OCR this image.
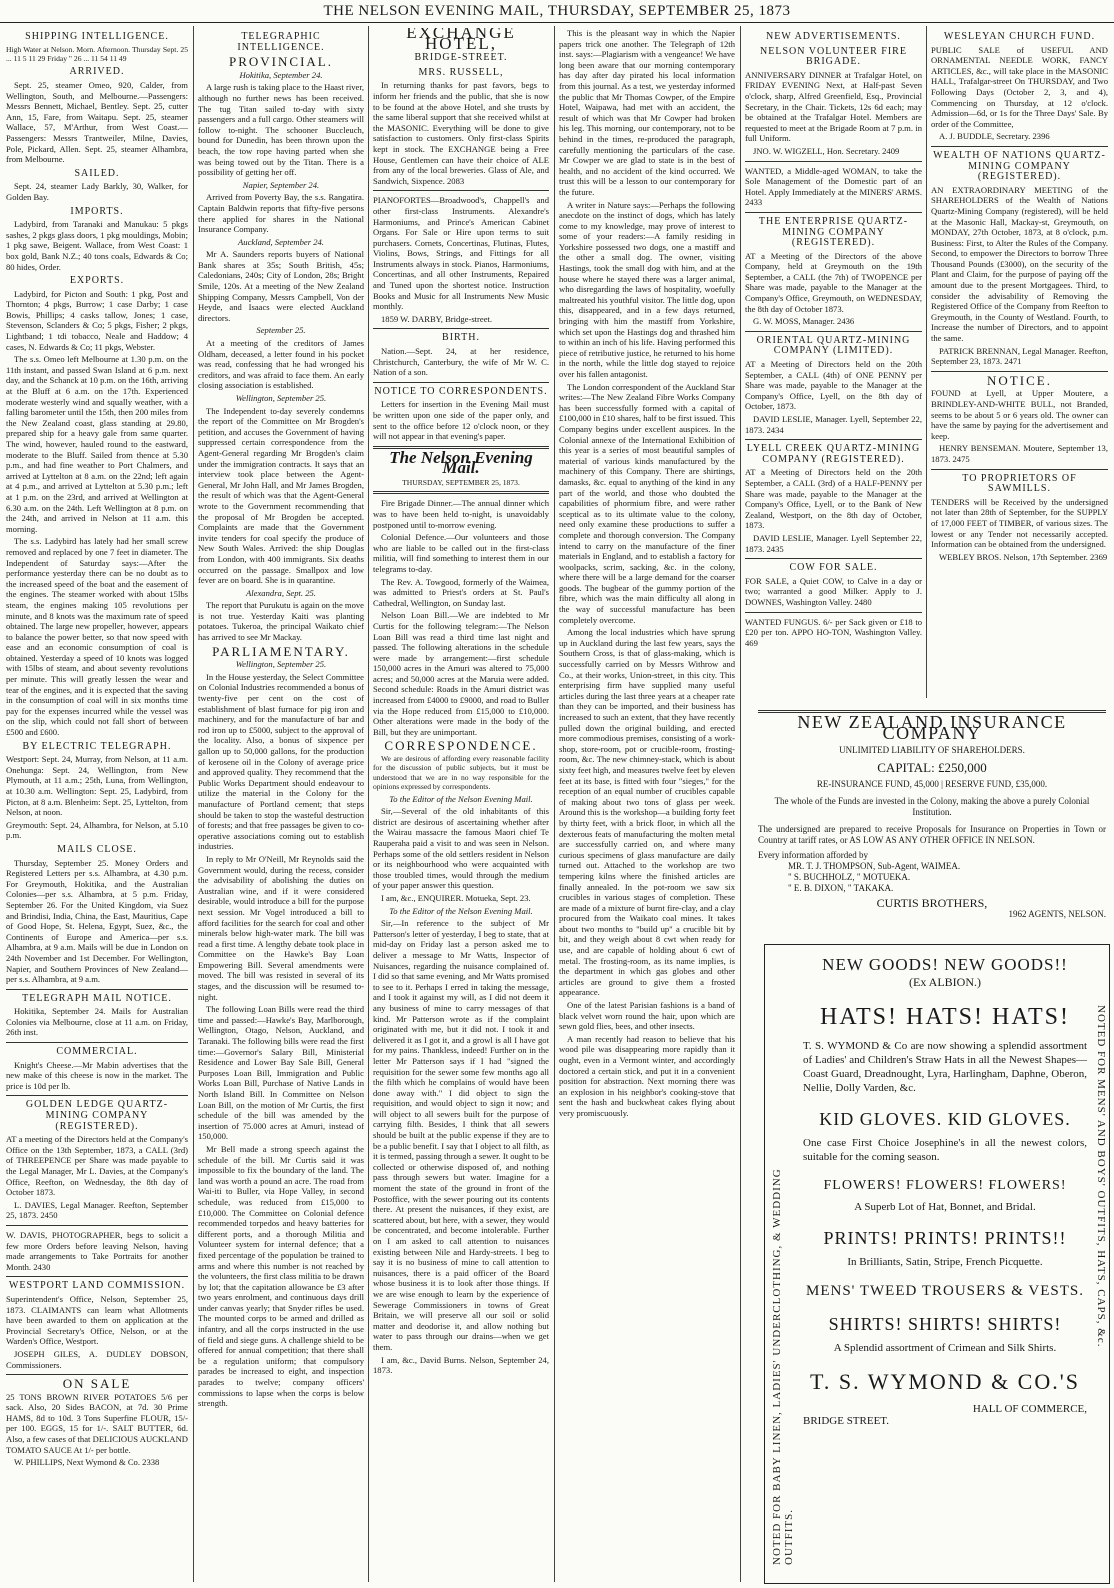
THE NELSON EVENING MAIL, THURSDAY, SEPTEMBER 25, 1873
SHIPPING INTELLIGENCE.

High Water at Nelson. Morn. Afternoon. Thursday Sept. 25 ... 11 5 11 29 Friday " 26 ... 11 54 11 49

ARRIVED.

Sept. 25, steamer Omeo, 920, Calder, from Wellington, South, and Melbourne.—Passengers: Messrs Bennett, Michael, Bentley. Sept. 25, cutter Ann, 15, Fare, from Waitapu. Sept. 25, steamer Wallace, 57, M'Arthur, from West Coast.—Passengers: Messrs Trantweiler, Milne, Davies, Pole, Pickard, Allen. Sept. 25, steamer Alhambra, from Melbourne.

SAILED.

Sept. 24, steamer Lady Barkly, 30, Walker, for Golden Bay.

IMPORTS.

Ladybird, from Taranaki and Manukau: 5 pkgs sashes, 2 pkgs glass doors, 1 pkg mouldings, Mobin; 1 pkg sawe, Beigent. Wallace, from West Coast: 1 box gold, Bank N.Z.; 40 tons coals, Edwards & Co; 80 hides, Order.

EXPORTS.

Ladybird, for Picton and South: 1 pkg, Post and Thornton; 4 pkgs, Burrow; 1 case Darby; 1 case Bowis, Phillips; 4 casks tallow, Jones; 1 case, Stevenson, Sclanders & Co; 5 pkgs, Fisher; 2 pkgs, Lightband; 1 tdi tobacco, Neale and Haddow; 4 cases, N. Edwards & Co; 11 pkgs, Webster.

The s.s. Omeo left Melbourne at 1.30 p.m. on the 11th instant, and passed Swan Island at 6 p.m. next day, and the Schanck at 10 p.m. on the 16th, arriving at the Bluff at 6 a.m. on the 17th. Experienced moderate westerly wind and squally weather, with a falling barometer until the 15th, then 200 miles from the New Zealand coast, glass standing at 29.80, prepared ship for a heavy gale from same quarter. The wind, however, hauled round to the eastward, moderate to the Bluff. Sailed from thence at 5.30 p.m., and had fine weather to Port Chalmers, and arrived at Lyttelton at 8 a.m. on the 22nd; left again at 4 p.m., and arrived at Lyttelton at 5.30 p.m.; left at 1 p.m. on the 23rd, and arrived at Wellington at 6.30 a.m. on the 24th. Left Wellington at 8 p.m. on the 24th, and arrived in Nelson at 11 a.m. this morning.

The s.s. Ladybird has lately had her small screw removed and replaced by one 7 feet in diameter. The Independent of Saturday says:—After the performance yesterday there can be no doubt as to the increased speed of the boat and the easement of the engines. The steamer worked with about 15lbs steam, the engines making 105 revolutions per minute, and 8 knots was the maximum rate of speed obtained. The large new propeller, however, appears to balance the power better, so that now speed with ease and an economic consumption of coal is obtained. Yesterday a speed of 10 knots was logged with 15lbs of steam, and about seventy revolutions per minute. This will greatly lessen the wear and tear of the engines, and it is expected that the saving in the consumption of coal will in six months time pay for the expenses incurred while the vessel was on the slip, which could not fall short of between £500 and £600.

BY ELECTRIC TELEGRAPH.

Westport: Sept. 24, Murray, from Nelson, at 11 a.m. Onehunga: Sept. 24, Wellington, from New Plymouth, at 11 a.m.; 25th, Luna, from Wellington, at 10.30 a.m. Wellington: Sept. 25, Ladybird, from Picton, at 8 a.m. Blenheim: Sept. 25, Lyttelton, from Nelson, at noon.

Greymouth: Sept. 24, Alhambra, for Nelson, at 5.10 p.m.

MAILS CLOSE.

Thursday, September 25. Money Orders and Registered Letters per s.s. Alhambra, at 4.30 p.m. For Greymouth, Hokitika, and the Australian Colonies—per s.s. Alhambra, at 5 p.m. Friday, September 26. For the United Kingdom, via Suez and Brindisi, India, China, the East, Mauritius, Cape of Good Hope, St. Helena, Egypt, Suez, &c., the Continents of Europe and America—per s.s. Alhambra, at 9 a.m. Mails will be due in London on 24th November and 1st December. For Wellington, Napier, and Southern Provinces of New Zealand—per s.s. Alhambra, at 9 a.m.

TELEGRAPH MAIL NOTICE.

Hokitika, September 24. Mails for Australian Colonies via Melbourne, close at 11 a.m. on Friday, 26th inst.

COMMERCIAL.

Knight's Cheese.—Mr Mabin advertises that the new make of this cheese is now in the market. The price is 10d per lb.

GOLDEN LEDGE QUARTZ-MINING COMPANY (REGISTERED).

AT a meeting of the Directors held at the Company's Office on the 13th September, 1873, a CALL (3rd) of THREEPENCE per Share was made payable to the Legal Manager, Mr L. Davies, at the Company's Office, Reefton, on Wednesday, the 8th day of October 1873.

L. DAVIES, Legal Manager. Reefton, September 25, 1873. 2450

W. DAVIS, PHOTOGRAPHER, begs to solicit a few more Orders before leaving Nelson, having made arrangements to Take Portraits for another Month. 2430

WESTPORT LAND COMMISSION.

Superintendent's Office, Nelson, September 25, 1873. CLAIMANTS can learn what Allotments have been awarded to them on application at the Provincial Secretary's Office, Nelson, or at the Warden's Office, Westport.

JOSEPH GILES, A. DUDLEY DOBSON, Commissioners.

ON SALE

25 TONS BROWN RIVER POTATOES 5/6 per sack. Also, 20 Sides BACON, at 7d. 30 Prime HAMS, 8d to 10d. 3 Tons Superfine FLOUR, 15/- per 100. EGGS, 15 for 1/-. SALT BUTTER, 6d. Also, a few cases of that DELICIOUS AUCKLAND TOMATO SAUCE At 1/- per bottle.

W. PHILLIPS, Next Wymond & Co. 2338

TELEGRAPHIC INTELLIGENCE.
PROVINCIAL.
Hokitika, September 24.

A large rush is taking place to the Haast river, although no further news has been received. The tug Titan sailed to-day with sixty passengers and a full cargo. Other steamers will follow to-night. The schooner Buccleuch, bound for Dunedin, has been thrown upon the beach, the tow rope having parted when she was being towed out by the Titan. There is a possibility of getting her off.

Napier, September 24.

Arrived from Poverty Bay, the s.s. Rangatira. Captain Baldwin reports that fifty-five persons there applied for shares in the National Insurance Company.

Auckland, September 24.

Mr A. Saunders reports buyers of National Bank shares at 35s; South British, 45s; Caledonians, 240s; City of London, 28s; Bright Smile, 120s. At a meeting of the New Zealand Shipping Company, Messrs Campbell, Von der Heyde, and Isaacs were elected Auckland directors.

September 25.

At a meeting of the creditors of James Oldham, deceased, a letter found in his pocket was read, confessing that he had wronged his creditors, and was afraid to face them. An early closing association is established.

Wellington, September 25.

The Independent to-day severely condemns the report of the Committee on Mr Brogden's petition, and accuses the Government of having suppressed certain correspondence from the Agent-General regarding Mr Brogden's claim under the immigration contracts. It says that an interview took place between the Agent-General, Mr John Hall, and Mr James Brogden, the result of which was that the Agent-General wrote to the Government recommending that the proposal of Mr Brogden be accepted. Complaints are made that the Government invite tenders for coal specify the produce of New South Wales. Arrived: the ship Douglas from London, with 400 immigrants. Six deaths occurred on the passage. Smallpox and low fever are on board. She is in quarantine.

Alexandra, Sept. 25.

The report that Purukutu is again on the move is not true. Yesterday Kaiti was planting potatoes. Tukeroa, the principal Waikato chief has arrived to see Mr Mackay.

PARLIAMENTARY.
Wellington, September 25.

In the House yesterday, the Select Committee on Colonial Industries recommended a bonus of twenty-five per cent on the cost of establishment of blast furnace for pig iron and machinery, and for the manufacture of bar and rod iron up to £5000, subject to the approval of the locality. Also, a bonus of sixpence per gallon up to 50,000 gallons, for the production of kerosene oil in the Colony of average price and approved quality. They recommend that the Public Works Department should endeavour to utilize the material in the Colony for the manufacture of Portland cement; that steps should be taken to stop the wasteful destruction of forests; and that free passages be given to co-operative associations coming out to establish industries.

In reply to Mr O'Neill, Mr Reynolds said the Government would, during the recess, consider the advisability of abolishing the duties on Australian wine, and if it were considered desirable, would introduce a bill for the purpose next session. Mr Vogel introduced a bill to afford facilities for the search for coal and other minerals below high-water mark. The bill was read a first time. A lengthy debate took place in Committee on the Hawke's Bay Loan Empowering Bill. Several amendments were moved. The bill was resisted in several of its stages, and the discussion will be resumed to-night.

The following Loan Bills were read the third time and passed:—Hawke's Bay, Marlborough, Wellington, Otago, Nelson, Auckland, and Taranaki. The following bills were read the first time:—Governor's Salary Bill, Ministerial Residence and Lower Bay Sale Bill, General Purposes Loan Bill, Immigration and Public Works Loan Bill, Purchase of Native Lands in North Island Bill. In Committee on Nelson Loan Bill, on the motion of Mr Curtis, the first schedule of the bill was amended by the insertion of 75.000 acres at Amuri, instead of 150,000.

Mr Bell made a strong speech against the schedule of the bill. Mr Curtis said it was impossible to fix the boundary of the land. The land was worth a pound an acre. The road from Wai-iti to Buller, via Hope Valley, in second schedule, was reduced from £15,000 to £10,000. The Committee on Colonial defence recommended torpedos and heavy batteries for different ports, and a thorough Militia and Volunteer system for internal defence; that a fixed percentage of the population be trained to arms and where this number is not reached by the volunteers, the first class militia to be drawn by lot; that the capitation allowance be £3 after two years enrolment, and continuous days drill under canvas yearly; that Snyder rifles be used. The mounted corps to be armed and drilled as infantry, and all the corps instructed in the use of field and siege guns. A challenge shield to be offered for annual competition; that there shall be a regulation uniform; that compulsory parades be increased to eight, and inspection parades to twelve; company officers' commissions to lapse when the corps is below strength.

EXCHANGE HOTEL,
BRIDGE-STREET.
MRS. RUSSELL,

In returning thanks for past favors, begs to inform her friends and the public, that she is now to be found at the above Hotel, and she trusts by the same liberal support that she received whilst at the MASONIC. Everything will be done to give satisfaction to customers. Only first-class Spirits kept in stock. The EXCHANGE being a Free House, Gentlemen can have their choice of ALE from any of the local breweries. Glass of Ale, and Sandwich, Sixpence. 2083

PIANOFORTES—Broadwood's, Chappell's and other first-class Instruments. Alexandre's Harmoniums, and Prince's American Cabinet Organs. For Sale or Hire upon terms to suit purchasers. Cornets, Concertinas, Flutinas, Flutes, Violins, Bows, Strings, and Fittings for all Instruments always in stock. Pianos, Harmoniums, Concertinas, and all other Instruments, Repaired and Tuned upon the shortest notice. Instruction Books and Music for all Instruments New Music monthly.

1859 W. DARBY, Bridge-street.

BIRTH.

Nation.—Sept. 24, at her residence, Christchurch, Canterbury, the wife of Mr W. C. Nation of a son.

NOTICE TO CORRESPONDENTS.

Letters for insertion in the Evening Mail must be written upon one side of the paper only, and sent to the office before 12 o'clock noon, or they will not appear in that evening's paper.

The Nelson Evening Mail.
THURSDAY, SEPTEMBER 25, 1873.

Fire Brigade Dinner.—The annual dinner which was to have been held to-night, is unavoidably postponed until to-morrow evening.

Colonial Defence.—Our volunteers and those who are liable to be called out in the first-class militia, will find something to interest them in our telegrams to-day.

The Rev. A. Towgood, formerly of the Waimea, was admitted to Priest's orders at St. Paul's Cathedral, Wellington, on Sunday last.

Nelson Loan Bill.—We are indebted to Mr Curtis for the following telegram:—The Nelson Loan Bill was read a third time last night and passed. The following alterations in the schedule were made by arrangement:—first schedule 150,000 acres in the Amuri was altered to 75,000 acres; and 50,000 acres at the Maruia were added. Second schedule: Roads in the Amuri district was increased from £4000 to £9000, and road to Buller via the Hope reduced from £15,000 to £10,000. Other alterations were made in the body of the Bill, but they are unimportant.

CORRESPONDENCE.

We are desirous of affording every reasonable facility for the discussion of public subjects, but it must be understood that we are in no way responsible for the opinions expressed by correspondents.

To the Editor of the Nelson Evening Mail.

Sir,—Several of the old inhabitants of this district are desirous of ascertaining whether after the Wairau massacre the famous Maori chief Te Rauperaha paid a visit to and was seen in Nelson. Perhaps some of the old settlers resident in Nelson or its neighbourhood who were acquainted with those troubled times, would through the medium of your paper answer this question.

I am, &c., ENQUIRER. Motueka, Sept. 23.

To the Editor of the Nelson Evening Mail.

Sir,—In reference to the subject of Mr Patterson's letter of yesterday, I beg to state, that at mid-day on Friday last a person asked me to deliver a message to Mr Watts, Inspector of Nuisances, regarding the nuisance complained of. I did so that same evening, and Mr Watts promised to see to it. Perhaps I erred in taking the message, and I took it against my will, as I did not deem it any business of mine to carry messages of that kind. Mr Patterson wrote as if the complaint originated with me, but it did not. I took it and delivered it as I got it, and a growl is all I have got for my pains. Thankless, indeed! Further on in the letter Mr Patterson says if I had "signed the requisition for the sewer some few months ago all the filth which he complains of would have been done away with." I did object to sign the requisition, and would object to sign it now; and will object to all sewers built for the purpose of carrying filth. Besides, I think that all sewers should be built at the public expense if they are to be a public benefit. I say that I object to all filth, as it is termed, passing through a sewer. It ought to be collected or otherwise disposed of, and nothing pass through sewers but water. Imagine for a moment the state of the ground in front of the Postoffice, with the sewer pouring out its contents there. At present the nuisances, if they exist, are scattered about, but here, with a sewer, they would be concentrated, and become intolerable. Further on I am asked to call attention to nuisances existing between Nile and Hardy-streets. I beg to say it is no business of mine to call attention to nuisances, there is a paid officer of the Board whose business it is to look after those things. If we are wise enough to learn by the experience of Sewerage Commissioners in towns of Great Britain, we will preserve all our soil or solid matter and deodorise it, and allow nothing but water to pass through our drains—when we get them.

I am, &c., David Burns. Nelson, September 24, 1873.

This is the pleasant way in which the Napier papers trick one another. The Telegraph of 12th inst. says:—Plagiarism with a vengeance! We have long been aware that our morning contemporary has day after day pirated his local information from this journal. As a test, we yesterday informed the public that Mr Thomas Cowper, of the Empire Hotel, Waipawa, had met with an accident, the result of which was that Mr Cowper had broken his leg. This morning, our contemporary, not to be behind in the times, re-produced the paragraph, carefully mentioning the particulars of the case. Mr Cowper we are glad to state is in the best of health, and no accident of the kind occurred. We trust this will be a lesson to our contemporary for the future.

A writer in Nature says:—Perhaps the following anecdote on the instinct of dogs, which has lately come to my knowledge, may prove of interest to some of your readers:—A family residing in Yorkshire possessed two dogs, one a mastiff and the other a small dog. The owner, visiting Hastings, took the small dog with him, and at the house where he stayed there was a larger animal, who disregarding the laws of hospitality, woefully maltreated his youthful visitor. The little dog, upon this, disappeared, and in a few days returned, bringing with him the mastiff from Yorkshire, which set upon the Hastings dog and thrashed him to within an inch of his life. Having performed this piece of retributive justice, he returned to his home in the north, while the little dog stayed to rejoice over his fallen antagonist.

The London correspondent of the Auckland Star writes:—The New Zealand Fibre Works Company has been successfully formed with a capital of £100,000 in £10 shares, half to be first issued. This Company begins under excellent auspices. In the Colonial annexe of the International Exhibition of this year is a series of most beautiful samples of material of various kinds manufactured by the machinery of this Company. There are shirtings, damasks, &c. equal to anything of the kind in any part of the world, and those who doubted the capabilities of phormium fibre, and were rather sceptical as to its ultimate value to the colony, need only examine these productions to suffer a complete and thorough conversion. The Company intend to carry on the manufacture of the finer materials in England, and to establish a factory for woolpacks, scrim, sacking, &c. in the colony, where there will be a large demand for the coarser goods. The bugbear of the gummy portion of the fibre, which was the main difficulty all along in the way of successful manufacture has been completely overcome.

Among the local industries which have sprung up in Auckland during the last few years, says the Southern Cross, is that of glass-making, which is successfully carried on by Messrs Withrow and Co., at their works, Union-street, in this city. This enterprising firm have supplied many useful articles during the last three years at a cheaper rate than they can be imported, and their business has increased to such an extent, that they have recently pulled down the original building, and erected more commodious premises, consisting of a work-shop, store-room, pot or crucible-room, frosting-room, &c. The new chimney-stack, which is about sixty feet high, and measures twelve feet by eleven feet at its base, is fitted with four "sieges," for the reception of an equal number of crucibles capable of making about two tons of glass per week. Around this is the workshop—a building forty feet by thirty feet, with a brick floor, in which all the dexterous feats of manufacturing the molten metal are successfully carried on, and where many curious specimens of glass manufacture are daily turned out. Attached to the workshop are two tempering kilns where the finished articles are finally annealed. In the pot-room we saw six crucibles in various stages of completion. These are made of a mixture of burnt fire-clay, and a clay procured from the Waikato coal mines. It takes about two months to "build up" a crucible bit by bit, and they weigh about 8 cwt when ready for use, and are capable of holding about 6 cwt of metal. The frosting-room, as its name implies, is the department in which gas globes and other articles are ground to give them a frosted appearance.

One of the latest Parisian fashions is a band of black velvet worn round the hair, upon which are sewn gold flies, bees, and other insects.

A man recently had reason to believe that his wood pile was disappearing more rapidly than it ought, even in a Vermont winter, and accordingly doctored a certain stick, and put it in a convenient position for abstraction. Next morning there was an explosion in his neighbor's cooking-stove that sent the hash and buckwheat cakes flying about very promiscuously.

NEW ADVERTISEMENTS.
NELSON VOLUNTEER FIRE BRIGADE.

ANNIVERSARY DINNER at Trafalgar Hotel, on FRIDAY EVENING Next, at Half-past Seven o'clock, sharp, Alfred Greenfield, Esq., Provincial Secretary, in the Chair. Tickets, 12s 6d each; may be obtained at the Trafalgar Hotel. Members are requested to meet at the Brigade Room at 7 p.m. in full Uniform.

JNO. W. WIGZELL, Hon. Secretary. 2409

WANTED, a Middle-aged WOMAN, to take the Sole Management of the Domestic part of an Hotel. Apply Immediately at the MINERS' ARMS. 2433

THE ENTERPRISE QUARTZ-MINING COMPANY (REGISTERED).

AT a Meeting of the Directors of the above Company, held at Greymouth on the 19th September, a CALL (the 7th) of TWOPENCE per Share was made, payable to the Manager at the Company's Office, Greymouth, on WEDNESDAY, the 8th day of October 1873.

G. W. MOSS, Manager. 2436

ORIENTAL QUARTZ-MINING COMPANY (LIMITED).

AT a Meeting of Directors held on the 20th September, a CALL (4th) of ONE PENNY per Share was made, payable to the Manager at the Company's Office, Lyell, on the 8th day of October, 1873.

DAVID LESLIE, Manager. Lyell, September 22, 1873. 2434

LYELL CREEK QUARTZ-MINING COMPANY (REGISTERED).

AT a Meeting of Directors held on the 20th September, a CALL (3rd) of a HALF-PENNY per Share was made, payable to the Manager at the Company's Office, Lyell, or to the Bank of New Zealand, Westport, on the 8th day of October, 1873.

DAVID LESLIE, Manager. Lyell September 22, 1873. 2435

COW FOR SALE.

FOR SALE, a Quiet COW, to Calve in a day or two; warranted a good Milker. Apply to J. DOWNES, Washington Valley. 2480

WANTED FUNGUS. 6/- per Sack given or £18 to £20 per ton. APPO HO-TON, Washington Valley. 469

WESLEYAN CHURCH FUND.

PUBLIC SALE of USEFUL AND ORNAMENTAL NEEDLE WORK, FANCY ARTICLES, &c., will take place in the MASONIC HALL, Trafalgar-street On THURSDAY, and Two Following Days (October 2, 3, and 4), Commencing on Thursday, at 12 o'clock. Admission—6d, or 1s for the Three Days' Sale. By order of the Committee,

A. J. BUDDLE, Secretary. 2396

WEALTH OF NATIONS QUARTZ-MINING COMPANY (REGISTERED).

AN EXTRAORDINARY MEETING of the SHAREHOLDERS of the Wealth of Nations Quartz-Mining Company (registered), will be held at the Masonic Hall, Mackay-st, Greymouth, on MONDAY, 27th October, 1873, at 8 o'clock, p.m. Business: First, to Alter the Rules of the Company. Second, to empower the Directors to borrow Three Thousand Pounds (£3000), on the security of the Plant and Claim, for the purpose of paying off the amount due to the present Mortgagees. Third, to consider the advisability of Removing the Registered Office of the Company from Reefton to Greymouth, in the County of Westland. Fourth, to Increase the number of Directors, and to appoint the same.

PATRICK BRENNAN, Legal Manager. Reefton, September 23, 1873. 2471

NOTICE.

FOUND at Lyell, at Upper Moutere, a BRINDLEY-AND-WHITE BULL, not Branded, seems to be about 5 or 6 years old. The owner can have the same by paying for the advertisement and keep.

HENRY BENSEMAN. Moutere, September 13, 1873. 2475

TO PROPRIETORS OF SAWMILLS.

TENDERS will be Received by the undersigned not later than 28th of September, for the SUPPLY of 17,000 FEET of TIMBER, of various sizes. The lowest or any Tender not necessarily accepted. Information can be obtained from the undersigned.

WEBLEY BROS. Nelson, 17th September. 2369

NEW ZEALAND INSURANCE COMPANY
UNLIMITED LIABILITY OF SHAREHOLDERS.
CAPITAL: £250,000
RE-INSURANCE FUND, 45,000 | RESERVE FUND, £35,000.

The whole of the Funds are invested in the Colony, making the above a purely Colonial Institution.

The undersigned are prepared to receive Proposals for Insurance on Properties in Town or Country at tariff rates, or AS LOW AS ANY OTHER OFFICE IN NELSON.

Every information afforded by
MR. T. J. THOMPSON, Sub-Agent, WAIMEA.
" S. BUCHHOLZ, " MOTUEKA.
" E. B. DIXON, " TAKAKA.
CURTIS BROTHERS,
1962 AGENTS, NELSON.
NOTED FOR BABY LINEN, LADIES' UNDERCLOTHING, & WEDDING OUTFITS.
NOTED FOR MENS' AND BOYS' OUTFITS, HATS, CAPS, &c.
NEW GOODS! NEW GOODS!!
(Ex ALBION.)
HATS! HATS! HATS!

T. S. WYMOND & Co are now showing a splendid assortment of Ladies' and Children's Straw Hats in all the Newest Shapes—Coast Guard, Dreadnought, Lyra, Harlingham, Daphne, Oberon, Nellie, Dolly Varden, &c.

KID GLOVES. KID GLOVES.

One case First Choice Josephine's in all the newest colors, suitable for the coming season.

FLOWERS! FLOWERS! FLOWERS!

A Superb Lot of Hat, Bonnet, and Bridal.

PRINTS! PRINTS! PRINTS!!

In Brilliants, Satin, Stripe, French Picquette.

MENS' TWEED TROUSERS & VESTS.
SHIRTS! SHIRTS! SHIRTS!

A Splendid assortment of Crimean and Silk Shirts.

T. S. WYMOND & CO.'S
HALL OF COMMERCE,
BRIDGE STREET.
